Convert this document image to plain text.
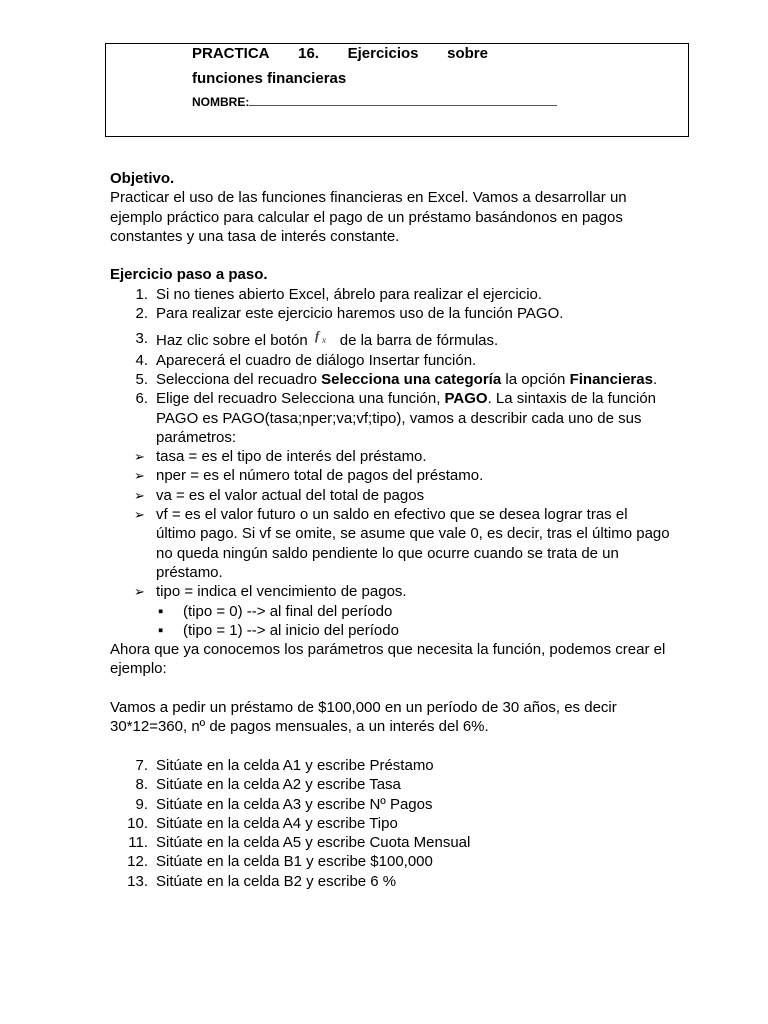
PRACTICA 16. Ejercicios sobre
funciones financieras
NOMBRE:

Objetivo.

Practicar el uso de las funciones financieras en Excel. Vamos a desarrollar un ejemplo práctico para calcular el pago de un préstamo basándonos en pagos constantes y una tasa de interés constante.

Ejercicio paso a paso.

1. Si no tienes abierto Excel, ábrelo para realizar el ejercicio.
2. Para realizar este ejercicio haremos uso de la función PAGO.
3. Haz clic sobre el botón f x de la barra de fórmulas.
4. Aparecerá el cuadro de diálogo Insertar función.
5. Selecciona del recuadro Selecciona una categoría la opción Financieras.
6. Elige del recuadro Selecciona una función, PAGO. La sintaxis de la función PAGO es PAGO(tasa;nper;va;vf;tipo), vamos a describir cada uno de sus parámetros:
➢ tasa = es el tipo de interés del préstamo.
➢ nper = es el número total de pagos del préstamo.
➢ va = es el valor actual del total de pagos
➢ vf = es el valor futuro o un saldo en efectivo que se desea lograr tras el último pago. Si vf se omite, se asume que vale 0, es decir, tras el último pago no queda ningún saldo pendiente lo que ocurre cuando se trata de un préstamo.
➢ tipo = indica el vencimiento de pagos.
▪ (tipo = 0) --> al final del período
▪ (tipo = 1) --> al inicio del período

Ahora que ya conocemos los parámetros que necesita la función, podemos crear el ejemplo:

Vamos a pedir un préstamo de $100,000 en un período de 30 años, es decir 30*12=360, nº de pagos mensuales, a un interés del 6%.

7. Sitúate en la celda A1 y escribe Préstamo
8. Sitúate en la celda A2 y escribe Tasa
9. Sitúate en la celda A3 y escribe Nº Pagos
10. Sitúate en la celda A4 y escribe Tipo
11. Sitúate en la celda A5 y escribe Cuota Mensual
12. Sitúate en la celda B1 y escribe $100,000
13. Sitúate en la celda B2 y escribe 6 %
